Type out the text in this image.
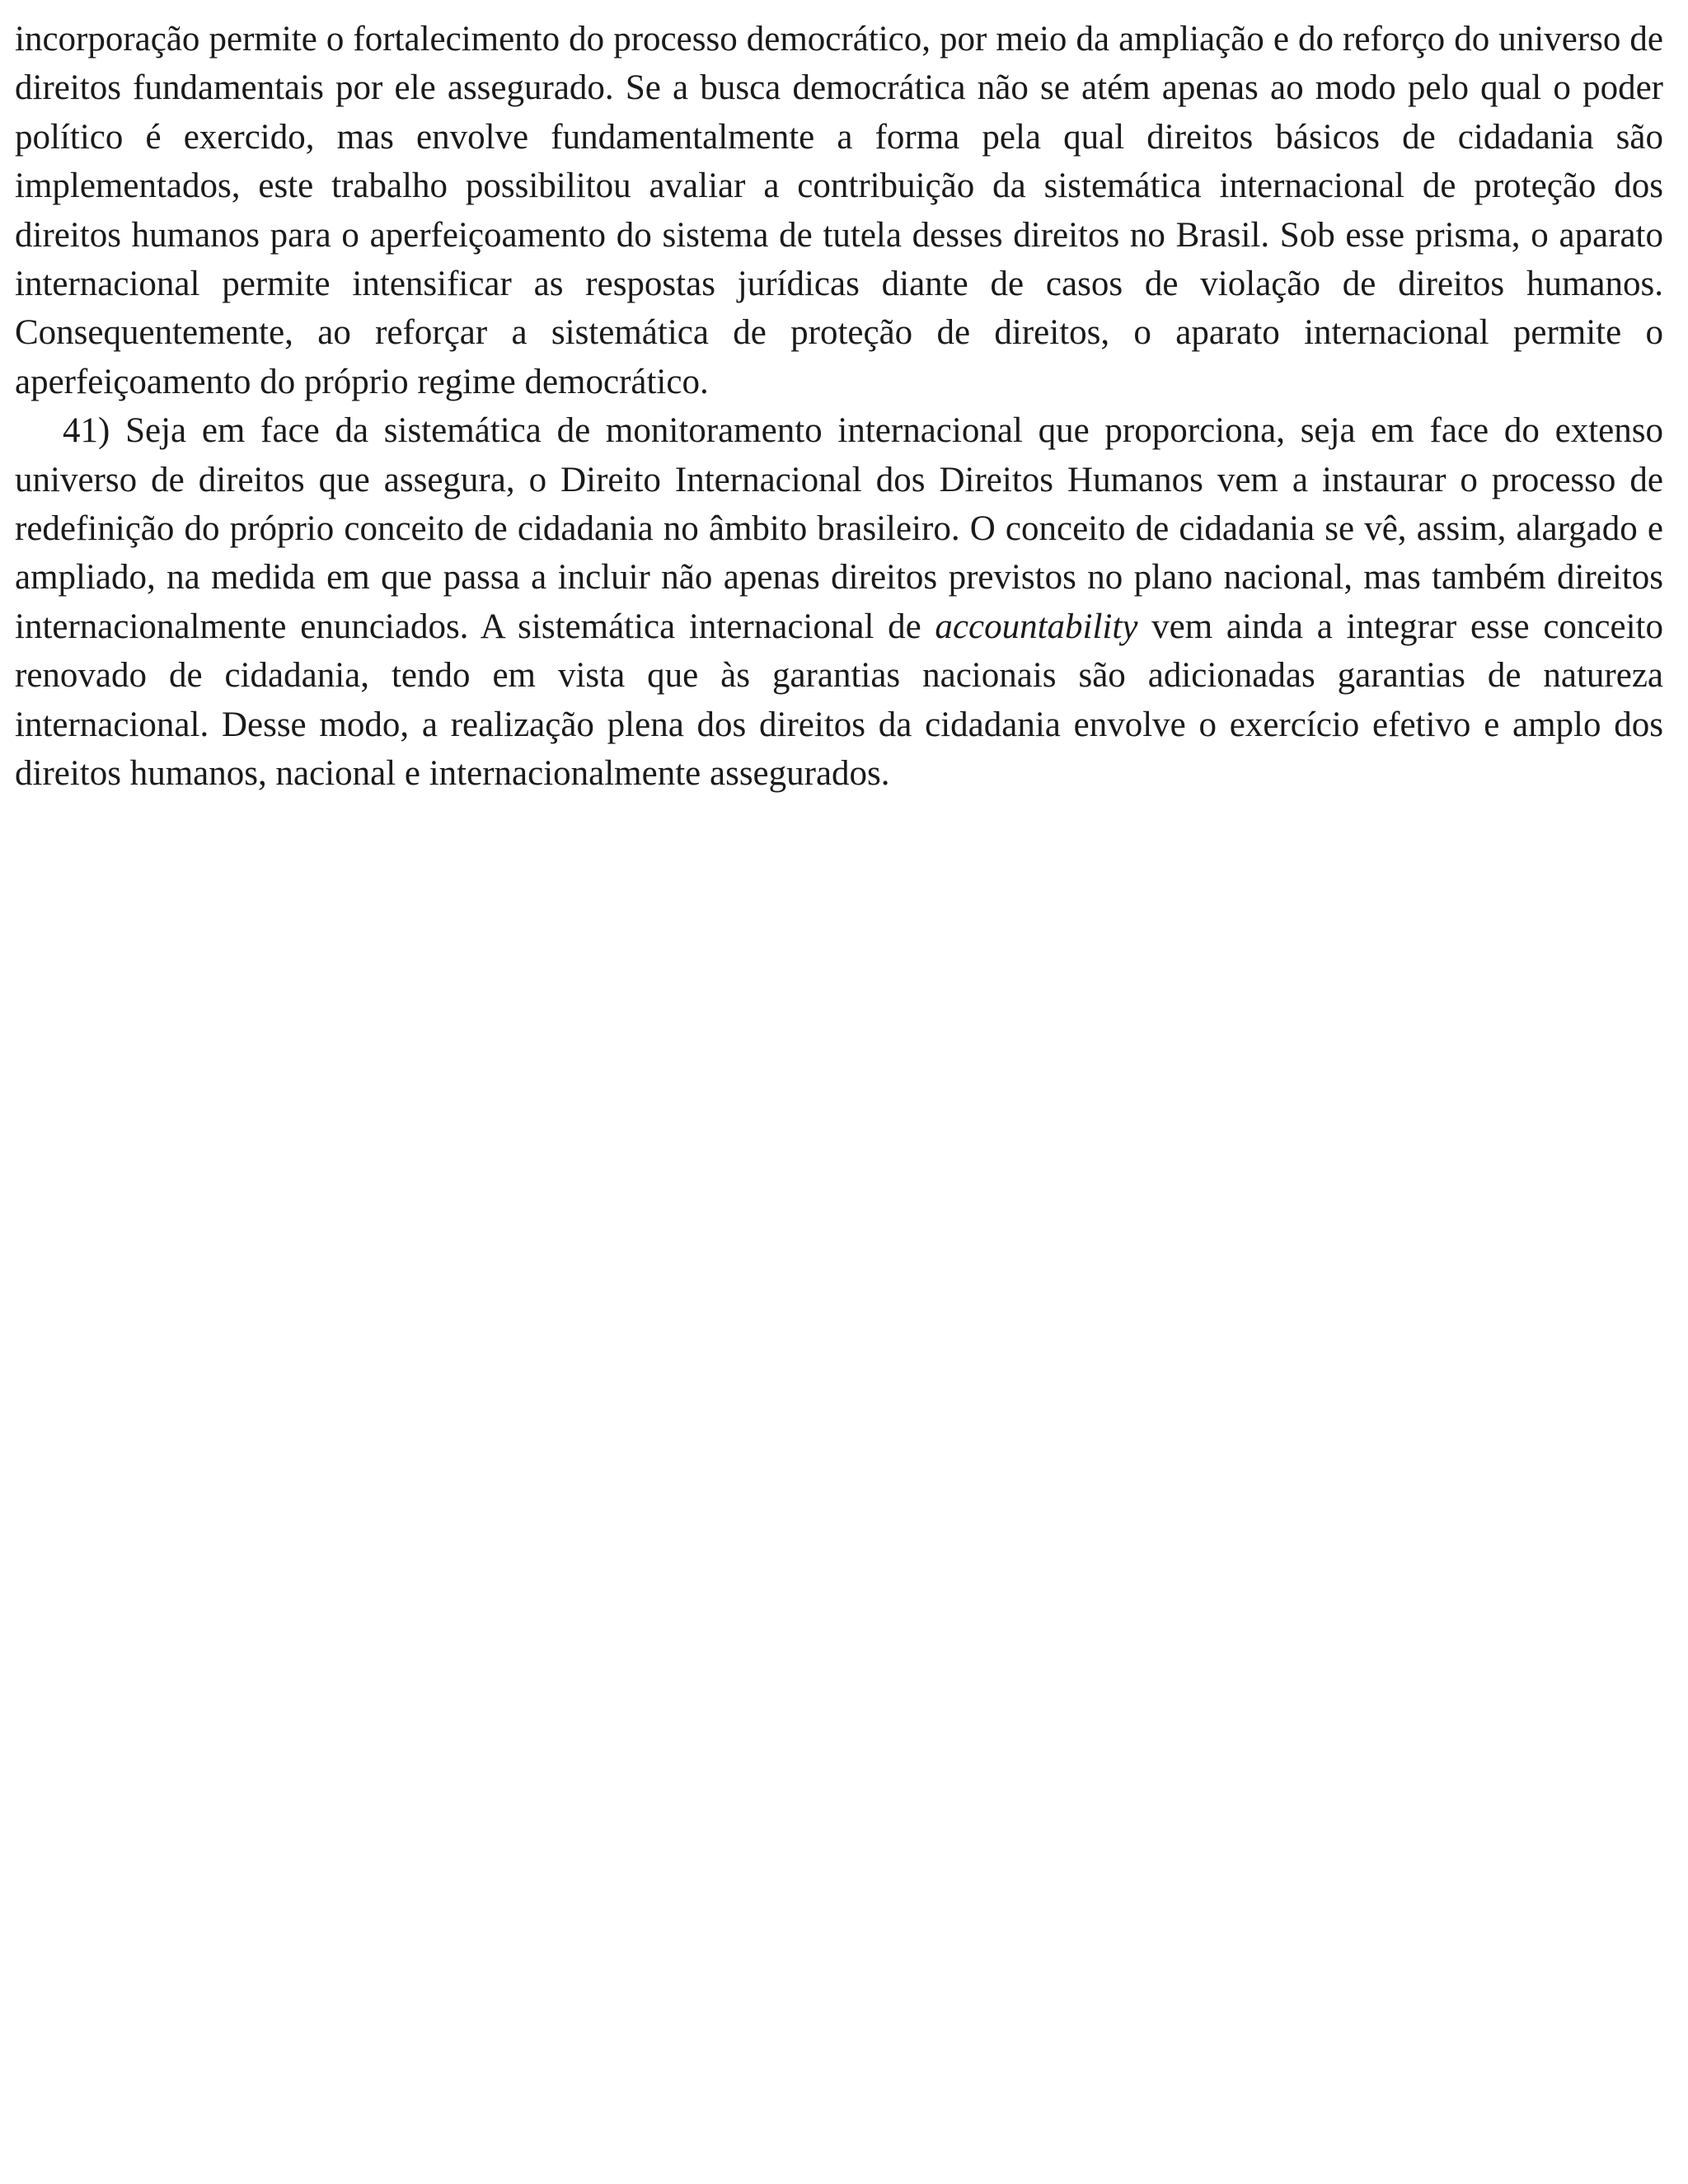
incorporação permite o fortalecimento do processo democrático, por meio da ampliação e do reforço do universo de direitos fundamentais por ele assegurado. Se a busca democrática não se atém apenas ao modo pelo qual o poder político é exercido, mas envolve fundamentalmente a forma pela qual direitos básicos de cidadania são implementados, este trabalho possibilitou avaliar a contribuição da sistemática internacional de proteção dos direitos humanos para o aperfeiçoamento do sistema de tutela desses direitos no Brasil. Sob esse prisma, o aparato internacional permite intensificar as respostas jurídicas diante de casos de violação de direitos humanos. Consequentemente, ao reforçar a sistemática de proteção de direitos, o aparato internacional permite o aperfeiçoamento do próprio regime democrático.

41) Seja em face da sistemática de monitoramento internacional que proporciona, seja em face do extenso universo de direitos que assegura, o Direito Internacional dos Direitos Humanos vem a instaurar o processo de redefinição do próprio conceito de cidadania no âmbito brasileiro. O conceito de cidadania se vê, assim, alargado e ampliado, na medida em que passa a incluir não apenas direitos previstos no plano nacional, mas também direitos internacionalmente enunciados. A sistemática internacional de accountability vem ainda a integrar esse conceito renovado de cidadania, tendo em vista que às garantias nacionais são adicionadas garantias de natureza internacional. Desse modo, a realização plena dos direitos da cidadania envolve o exercício efetivo e amplo dos direitos humanos, nacional e internacionalmente assegurados.
